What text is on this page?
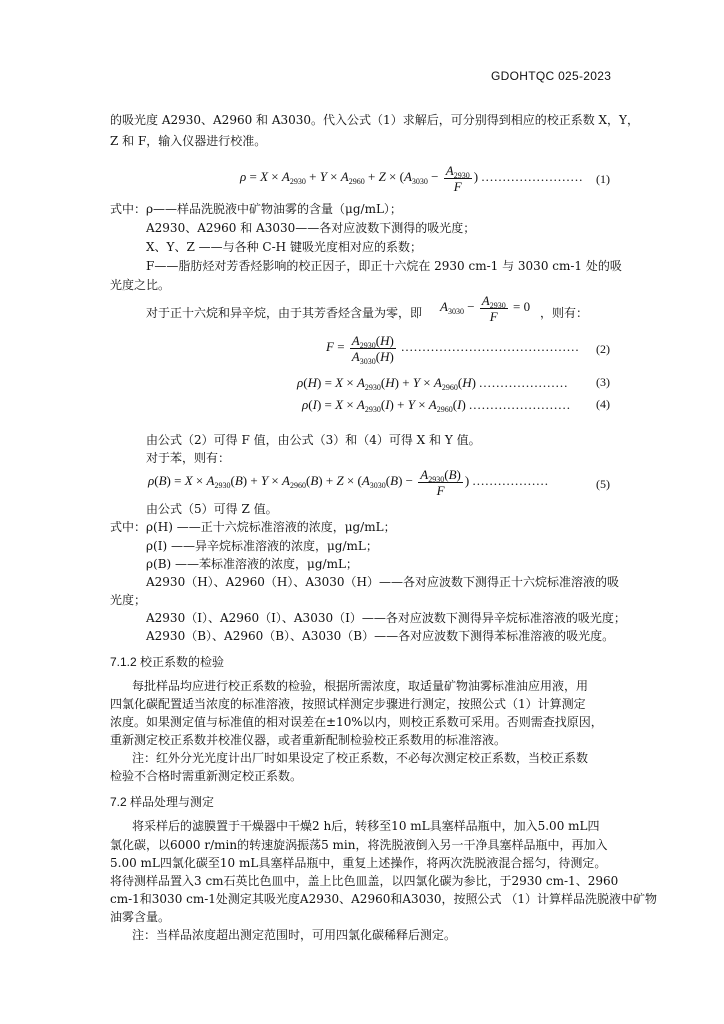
GDOHTQC 025-2023
的吸光度 A2930、A2960 和 A3030。代入公式（1）求解后，可分别得到相应的校正系数 X，Y，
Z 和 F，输入仪器进行校准。
$\rho = X \times A_{2930} + Y \times A_{2960} + Z \times (A_{3030} - \frac{A_{2930}}{F}$ ) ........................ (1)
式中： ρ——样品洗脱液中矿物油雾的含量（μg/mL）；
A2930、A2960 和 A3030——各对应波数下测得的吸光度；
X、Y、Z ——与各种 C-H 键吸光度相对应的系数；
F——脂肪烃对芳香烃影响的校正因子，即正十六烷在 2930 cm-1 与 3030 cm-1 处的吸
光度之比。
对于正十六烷和异辛烷，由于其芳香烃含量为零，即 $A_{3030} - \frac{A_{2930}}{F} = 0$ ，则有：
$F = \frac{A_{2930}(H)}{A_{3030}(H)}$ .......................................... (2)
$\rho(H) = X \times A_{2930}(H) + Y \times A_{2960}(H)$ ..................... (3)
$\rho(I) = X \times A_{2930}(I) + Y \times A_{2960}(I)$ ........................ (4)
由公式（2）可得 F 值，由公式（3）和（4）可得 X 和 Y 值。
对于苯，则有：
$\rho(B) = X \times A_{2930}(B) + Y \times A_{2960}(B) + Z \times (A_{3030}(B) - \frac{A_{2930}(B)}{F}$ ) ..................	(5)
由公式（5）可得 Z 值。
式中： ρ(H) ——正十六烷标准溶液的浓度，μg/mL；
ρ(I) ——异辛烷标准溶液的浓度，μg/mL；
ρ(B) ——苯标准溶液的浓度，μg/mL；
A2930（H）、A2960（H）、A3030（H）——各对应波数下测得正十六烷标准溶液的吸
光度；
A2930（I）、A2960（I）、A3030（I）——各对应波数下测得异辛烷标准溶液的吸光度；
A2930（B）、A2960（B）、A3030（B）——各对应波数下测得苯标准溶液的吸光度。
7.1.2 校正系数的检验
每批样品均应进行校正系数的检验，根据所需浓度，取适量矿物油雾标准油应用液，用
四氯化碳配置适当浓度的标准溶液，按照试样测定步骤进行测定，按照公式（1）计算测定
浓度。如果测定值与标准值的相对误差在±10%以内，则校正系数可采用。否则需查找原因，
重新测定校正系数并校准仪器，或者重新配制检验校正系数用的标准溶液。
注：红外分光光度计出厂时如果设定了校正系数，不必每次测定校正系数，当校正系数
检验不合格时需重新测定校正系数。
7.2 样品处理与测定
将采样后的滤膜置于干燥器中干燥2 h后，转移至10 mL具塞样品瓶中，加入5.00 mL四
氯化碳，以6000 r/min的转速旋涡振荡5 min，将洗脱液倒入另一干净具塞样品瓶中，再加入
5.00 mL四氯化碳至10 mL具塞样品瓶中，重复上述操作，将两次洗脱液混合摇匀，待测定。
将待测样品置入3 cm石英比色皿中，盖上比色皿盖，以四氯化碳为参比，于2930 cm-1、2960
cm-1和3030 cm-1处测定其吸光度A2930、A2960和A3030，按照公式 （1）计算样品洗脱液中矿物
油雾含量。
注：当样品浓度超出测定范围时，可用四氯化碳稀释后测定。
